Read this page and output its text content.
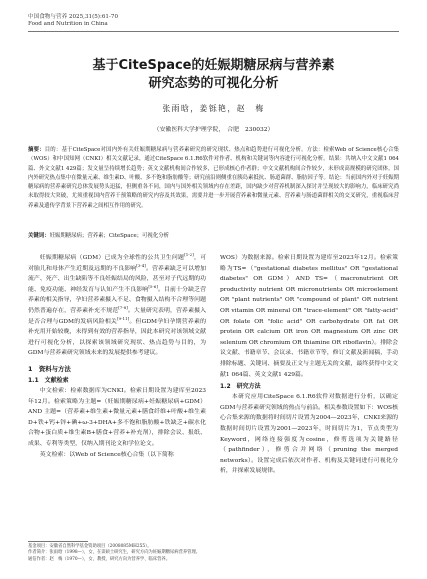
中国食物与营养 2025,31(5):61-70
Food and Nutrition in China
基于CiteSpace的妊娠期糖尿病与营养素
研究态势的可视化分析
张雨晗，姜铄艳，赵　梅
（安徽医科大学护理学院，　合肥　230032）
摘要：目的：基于CiteSpace对国内外有关妊娠期糖尿病与营养素研究的研究现状、热点和趋势进行可视化分析。方法：检索Web of Science核心合集（WOS）和中国知网（CNKI）相关文献记录，通过CiteSpace 6.1.R6软件对作者、机构和关键词等内容进行可视化分析。结果：共纳入中文文献1 064篇、外文文献1 429篇；发文量呈持续增长趋势；英文文献机构间合作较多，已形成核心作者群；中文文献机构间合作较少，未形成高规模的研究团体。国内外研究热点集中在微量元素、维生素D、叶酸、多不饱和脂肪酸等；研究前沿则侧重在胰岛素抵抗、肠道菌群、脂肪因子等。结论：当前国内外对于妊娠期糖尿病的营养素研究总体发展势头迅猛，但侧重各不同，国内与国外相关领域内存在差距，国内缺少对营养机制深入探讨并呈现较大的影响力，临床研究尚未取得较大突破，尤须重视国内营养干预策略的研究内容及其效果，需要并进一步开展营养素和微量元素、营养素与肠道菌群相关的交叉研究，重视临床营养素及遗传学背景下营养素之间相互作用的研究。
关键词：妊娠期糖尿病；营养素；CiteSpace；可视化分析

妊娠期糖尿病（GDM）已成为全球性的公共卫生问题[1-2]，可对胎儿和母体产生近期及远期的不良影响[3-4]。营养素缺乏可以增加流产、死产、出生缺陷等不良妊娠结局的风险，甚至对子代远期的功能、免疫功能、神经发育与认知产生不良影响[5-6]。目前十分缺乏营养素的相关指导，孕妇营养素摄入不足、食物摄入结构不合理等问题仍然普遍存在，营养素补充不规范[7-8]。大量研究表明，营养素摄入是否合理与GDM的发病风险相关[9-11]。但GDM孕妇孕期营养素的补充用开始较晚，未得到有效的营养指导，因此本研究对该领域文献进行可视化分析，以探索该领域研究现状、热点趋势与目的，为GDM与营养素研究领域未来的发展提供参考建议。

1　资料与方法
1.1　文献检索

中文检索：检索数据库为CNKI。检索日期设置为建库至2023年12月。检索策略为主题=（妊娠期糖尿病+妊娠糖尿病+GDM）AND 主题=（营养素+维生素+微量元素+膳食纤维+叶酸+维生素D+铁+钙+锌+碘+ω-3+DHA+多不饱和脂肪酸+铁缺乏+碳水化合物+蛋白质+维生素B+膳食+营养+补充剂），排除会议、报纸、成果、专利等类型，仅纳入期刊论文和学位论文。

英文检索：以Web of Science核心合集（以下简称

WOS）为数据来源。检索日期设置为建库至2023年12月。检索策略为TS=（"gestational diabetes mellitus" OR "gestational diabetes" OR GDM）AND TS=（macronutrient OR productivity nutrient OR micronutrients OR microelement OR "plant nutrients" OR "compound of plant" OR nutrient OR vitamin OR mineral OR "trace-element" OR "fatty-acid" OR folate OR "folic acid" OR carbohydrate OR fat OR protein OR calcium OR iron OR magnesium OR zinc OR selenium OR chromium OR thiamine OR riboflavin）。排除会议文献、书籍章节、会议录、书籍章节等，修订文献及新闻稿，手动排除标题、关键词、摘要及正文与主题无关的文献，最终获得中文文献1 064篇、英文文献1 429篇。

1.2　研究方法

本研究应用CiteSpace 6.1.R6软件对数据进行分析，以确定GDM与营养素研究领域的热点与前沿。相关参数设置如下：WOS核心合集来源的数据将时间切片设置为2004—2023年，CNKI来源的数据时间切片设置为2001—2023年，时间切片为1，节点类型为Keyword，网络连接强度为cosine，修剪选项为关键路径（pathfinder），修剪合并网络（pruning the merged networks）。设置完成后依次对作者、机构及关键词进行可视化分析，并探索发展规律。

基金项目：安徽省自然科学基金资助项目（2008085MH255）。
作者简介：张雨晗（1998—），女，在读硕士研究生，研究方向为妊娠期糖尿病营养管理。
通信作者：赵　梅（1970—），女，教授，研究方向为营养学、临床营养。
